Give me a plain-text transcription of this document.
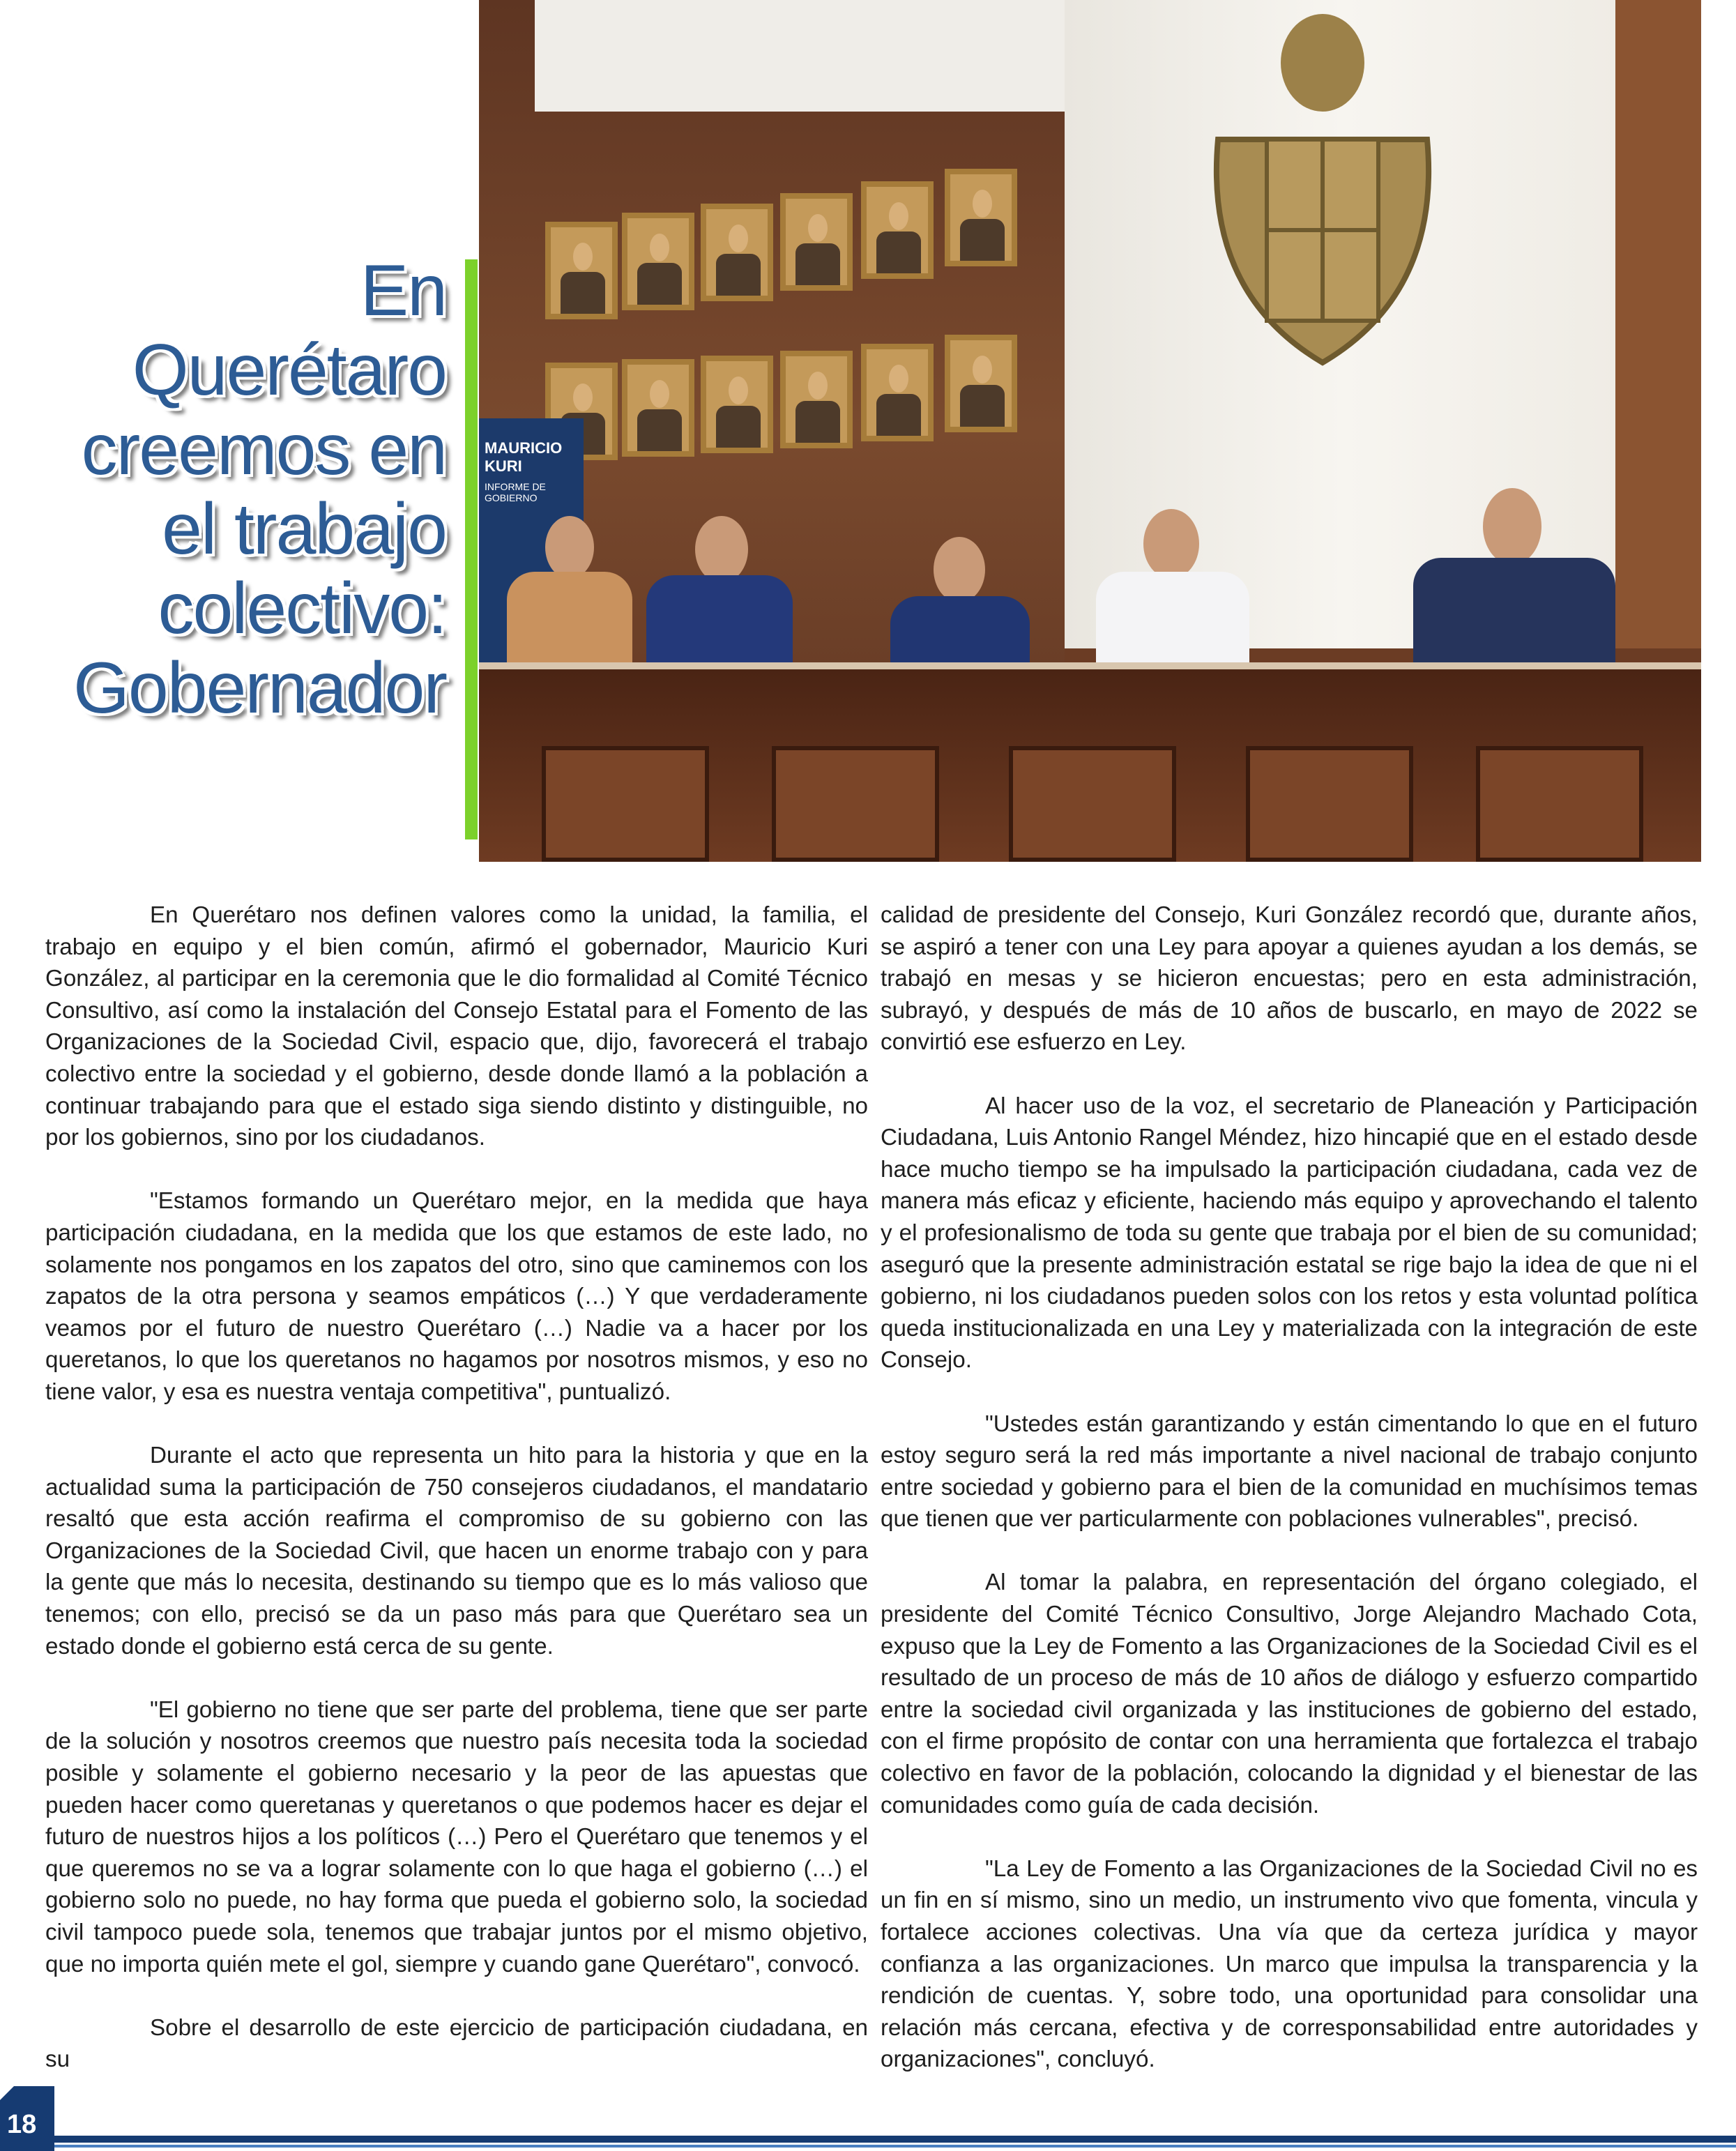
En
Querétaro
creemos en
el trabajo
colectivo:
Gobernador
MAURICIO KURI
INFORME DE GOBIERNO

En Querétaro nos definen valores como la unidad, la familia, el trabajo en equipo y el bien común, afirmó el gobernador, Mauricio Kuri González, al participar en la ceremonia que le dio formalidad al Comité Técnico Consultivo, así como la instalación del Consejo Estatal para el Fomento de las Organizaciones de la Sociedad Civil, espacio que, dijo, favorecerá el trabajo colectivo entre la sociedad y el gobierno, desde donde llamó a la población a continuar trabajando para que el estado siga siendo distinto y distinguible, no por los gobiernos, sino por los ciudadanos.

"Estamos formando un Querétaro mejor, en la medida que haya participación ciudadana, en la medida que los que estamos de este lado, no solamente nos pongamos en los zapatos del otro, sino que caminemos con los zapatos de la otra persona y seamos empáticos (…) Y que verdaderamente veamos por el futuro de nuestro Querétaro (…) Nadie va a hacer por los queretanos, lo que los queretanos no hagamos por nosotros mismos, y eso no tiene valor, y esa es nuestra ventaja competitiva", puntualizó.

Durante el acto que representa un hito para la historia y que en la actualidad suma la participación de 750 consejeros ciudadanos, el mandatario resaltó que esta acción reafirma el compromiso de su gobierno con las Organizaciones de la Sociedad Civil, que hacen un enorme trabajo con y para la gente que más lo necesita, destinando su tiempo que es lo más valioso que tenemos; con ello, precisó se da un paso más para que Querétaro sea un estado donde el gobierno está cerca de su gente.

"El gobierno no tiene que ser parte del problema, tiene que ser parte de la solución y nosotros creemos que nuestro país necesita toda la sociedad posible y solamente el gobierno necesario y la peor de las apuestas que pueden hacer como queretanas y queretanos o que podemos hacer es dejar el futuro de nuestros hijos a los políticos (…) Pero el Querétaro que tenemos y el que queremos no se va a lograr solamente con lo que haga el gobierno (…) el gobierno solo no puede, no hay forma que pueda el gobierno solo, la sociedad civil tampoco puede sola, tenemos que trabajar juntos por el mismo objetivo, que no importa quién mete el gol, siempre y cuando gane Querétaro", convocó.

Sobre el desarrollo de este ejercicio de participación ciudadana, en su

calidad de presidente del Consejo, Kuri González recordó que, durante años, se aspiró a tener con una Ley para apoyar a quienes ayudan a los demás, se trabajó en mesas y se hicieron encuestas; pero en esta administración, subrayó, y después de más de 10 años de buscarlo, en mayo de 2022 se convirtió ese esfuerzo en Ley.

Al hacer uso de la voz, el secretario de Planeación y Participación Ciudadana, Luis Antonio Rangel Méndez, hizo hincapié que en el estado desde hace mucho tiempo se ha impulsado la participación ciudadana, cada vez de manera más eficaz y eficiente, haciendo más equipo y aprovechando el talento y el profesionalismo de toda su gente que trabaja por el bien de su comunidad; aseguró que la presente administración estatal se rige bajo la idea de que ni el gobierno, ni los ciudadanos pueden solos con los retos y esta voluntad política queda institucionalizada en una Ley y materializada con la integración de este Consejo.

"Ustedes están garantizando y están cimentando lo que en el futuro estoy seguro será la red más importante a nivel nacional de trabajo conjunto entre sociedad y gobierno para el bien de la comunidad en muchísimos temas que tienen que ver particularmente con poblaciones vulnerables", precisó.

Al tomar la palabra, en representación del órgano colegiado, el presidente del Comité Técnico Consultivo, Jorge Alejandro Machado Cota, expuso que la Ley de Fomento a las Organizaciones de la Sociedad Civil es el resultado de un proceso de más de 10 años de diálogo y esfuerzo compartido entre la sociedad civil organizada y las instituciones de gobierno del estado, con el firme propósito de contar con una herramienta que fortalezca el trabajo colectivo en favor de la población, colocando la dignidad y el bienestar de las comunidades como guía de cada decisión.

"La Ley de Fomento a las Organizaciones de la Sociedad Civil no es un fin en sí mismo, sino un medio, un instrumento vivo que fomenta, vincula y fortalece acciones colectivas. Una vía que da certeza jurídica y mayor confianza a las organizaciones. Un marco que impulsa la transparencia y la rendición de cuentas. Y, sobre todo, una oportunidad para consolidar una relación más cercana, efectiva y de corresponsabilidad entre autoridades y organizaciones", concluyó.

18
